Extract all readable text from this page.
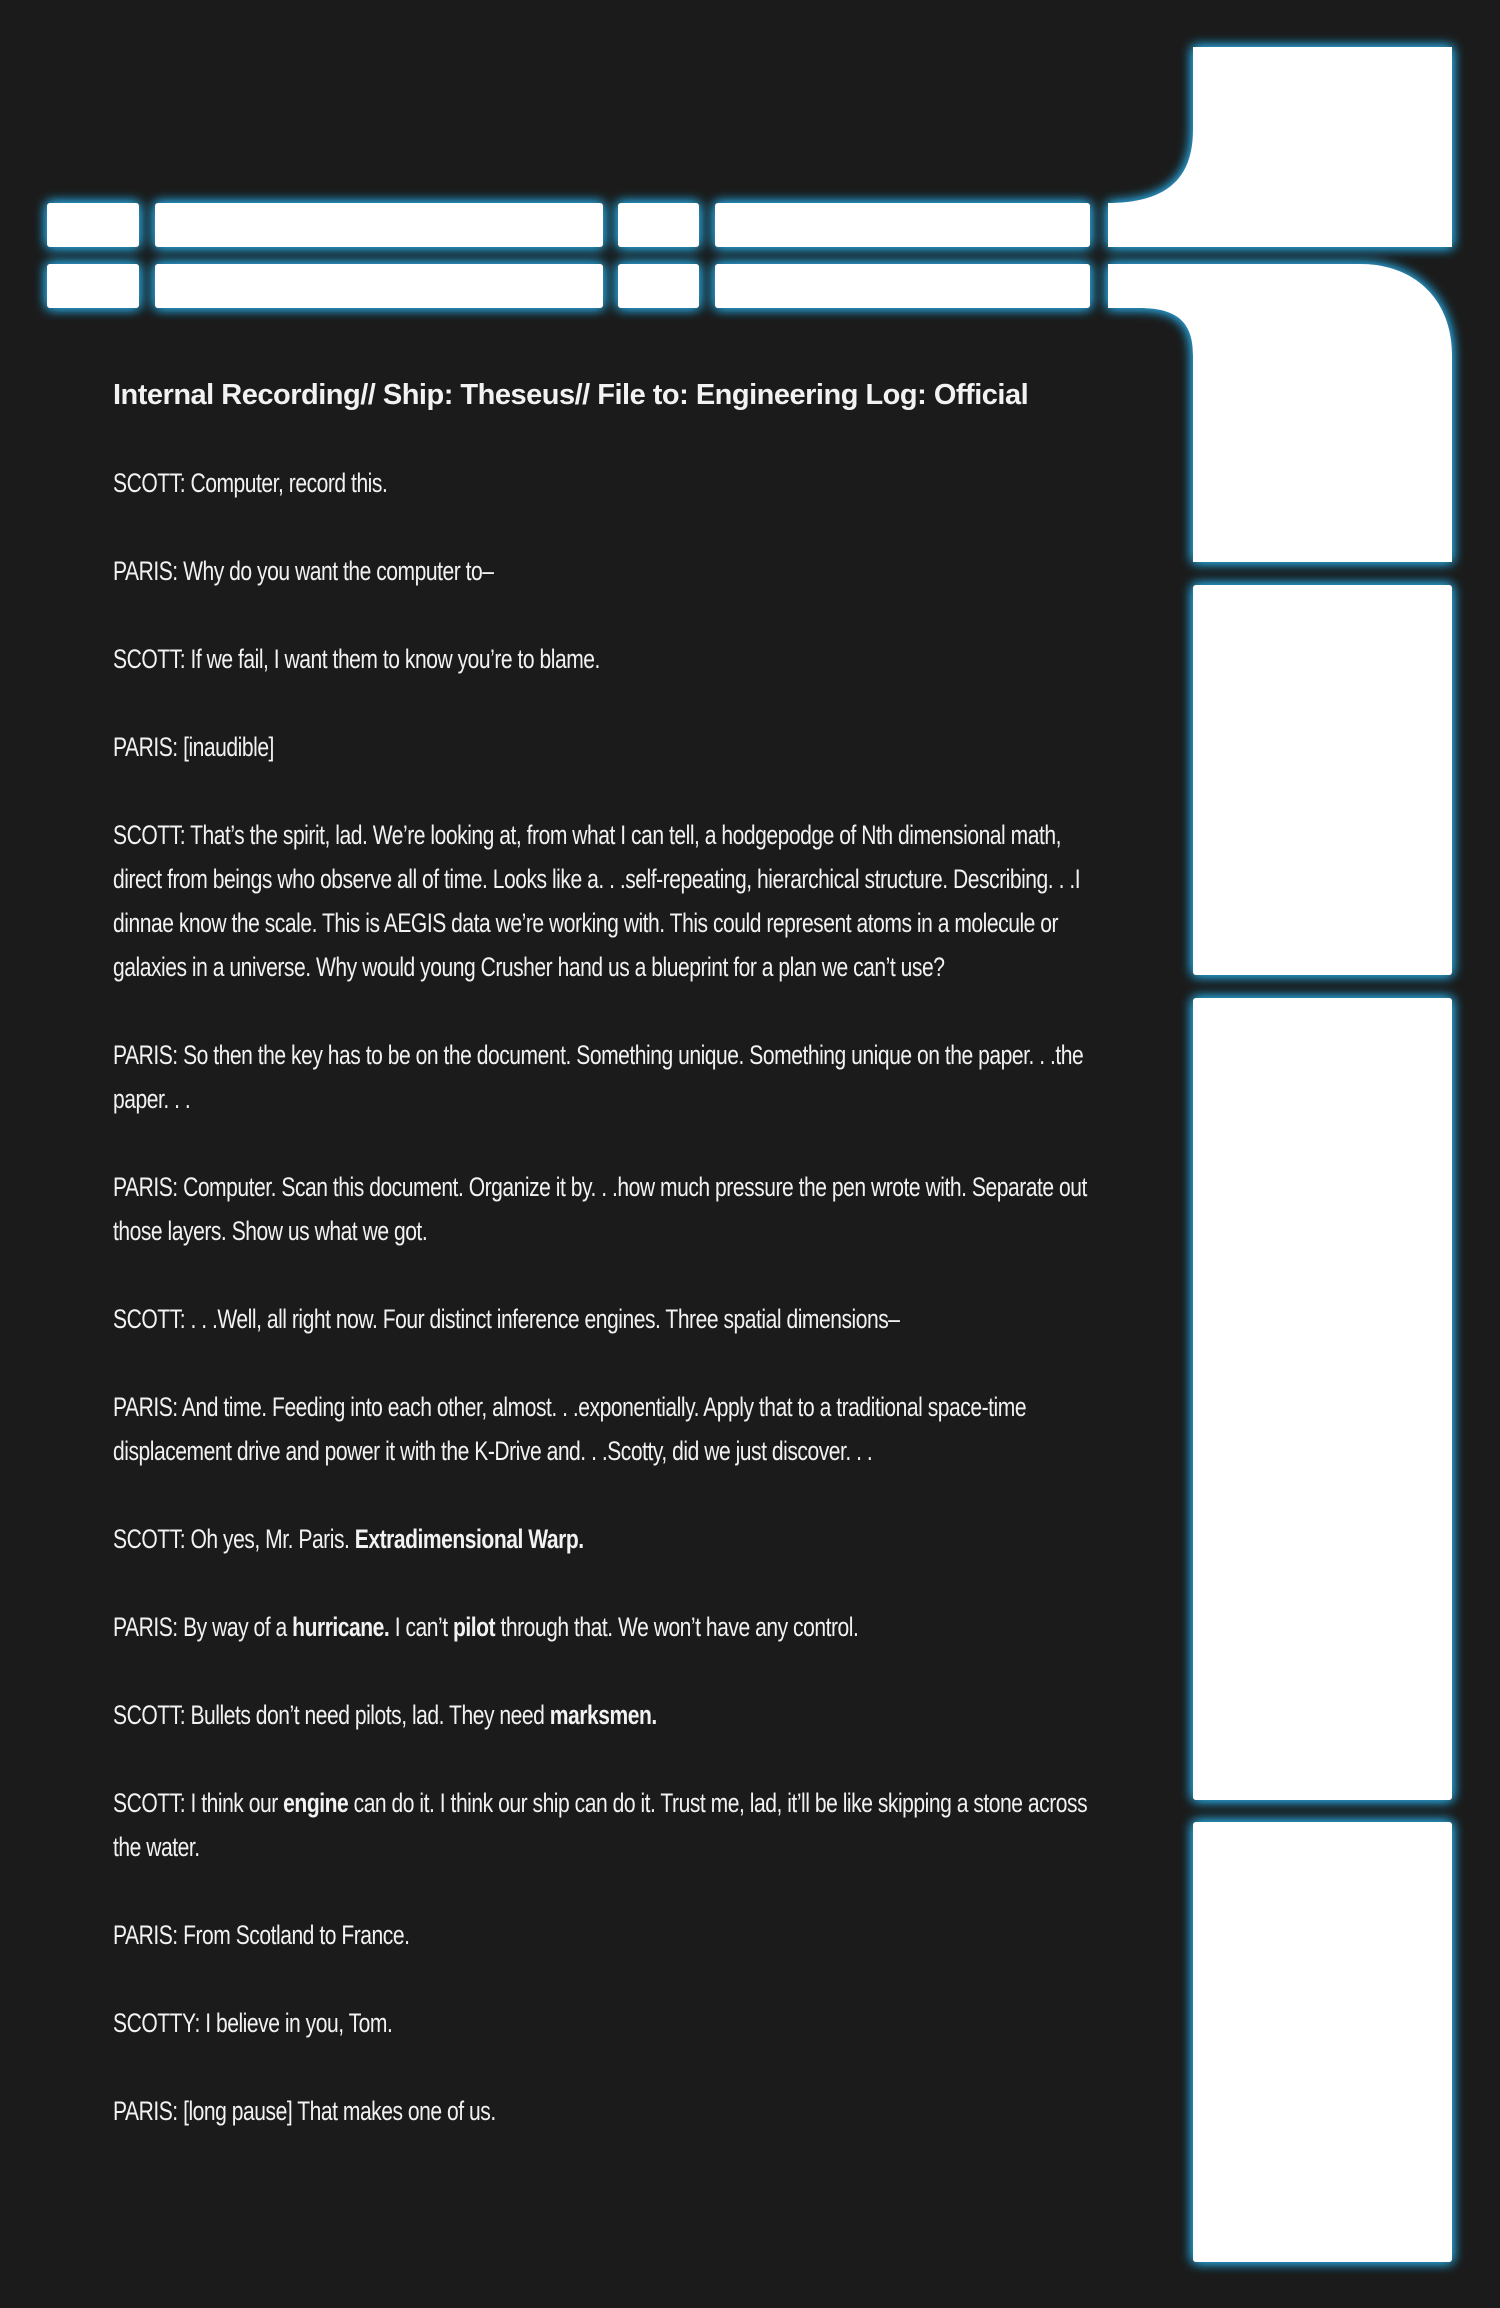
Internal Recording// Ship: Theseus// File to: Engineering Log: Official
SCOTT: Computer, record this.
PARIS: Why do you want the computer to–
SCOTT: If we fail, I want them to know you’re to blame.
PARIS: [inaudible]
SCOTT: That’s the spirit, lad. We’re looking at, from what I can tell, a hodgepodge of Nth dimensional math, direct from beings who observe all of time. Looks like a. . .self-repeating, hierarchical structure. Describing. . .I dinnae know the scale. This is AEGIS data we’re working with. This could represent atoms in a molecule or galaxies in a universe. Why would young Crusher hand us a blueprint for a plan we can’t use?
PARIS: So then the key has to be on the document. Something unique. Something unique on the paper. . .the paper. . .
PARIS: Computer. Scan this document. Organize it by. . .how much pressure the pen wrote with. Separate out those layers. Show us what we got.
SCOTT: . . .Well, all right now. Four distinct inference engines. Three spatial dimensions–
PARIS: And time. Feeding into each other, almost. . .exponentially. Apply that to a traditional space-time displacement drive and power it with the K-Drive and. . .Scotty, did we just discover. . .
SCOTT: Oh yes, Mr. Paris. Extradimensional Warp.
PARIS: By way of a hurricane. I can’t pilot through that. We won’t have any control.
SCOTT: Bullets don’t need pilots, lad. They need marksmen.
SCOTT: I think our engine can do it. I think our ship can do it. Trust me, lad, it’ll be like skipping a stone across the water.
PARIS: From Scotland to France.
SCOTTY: I believe in you, Tom.
PARIS: [long pause] That makes one of us.
